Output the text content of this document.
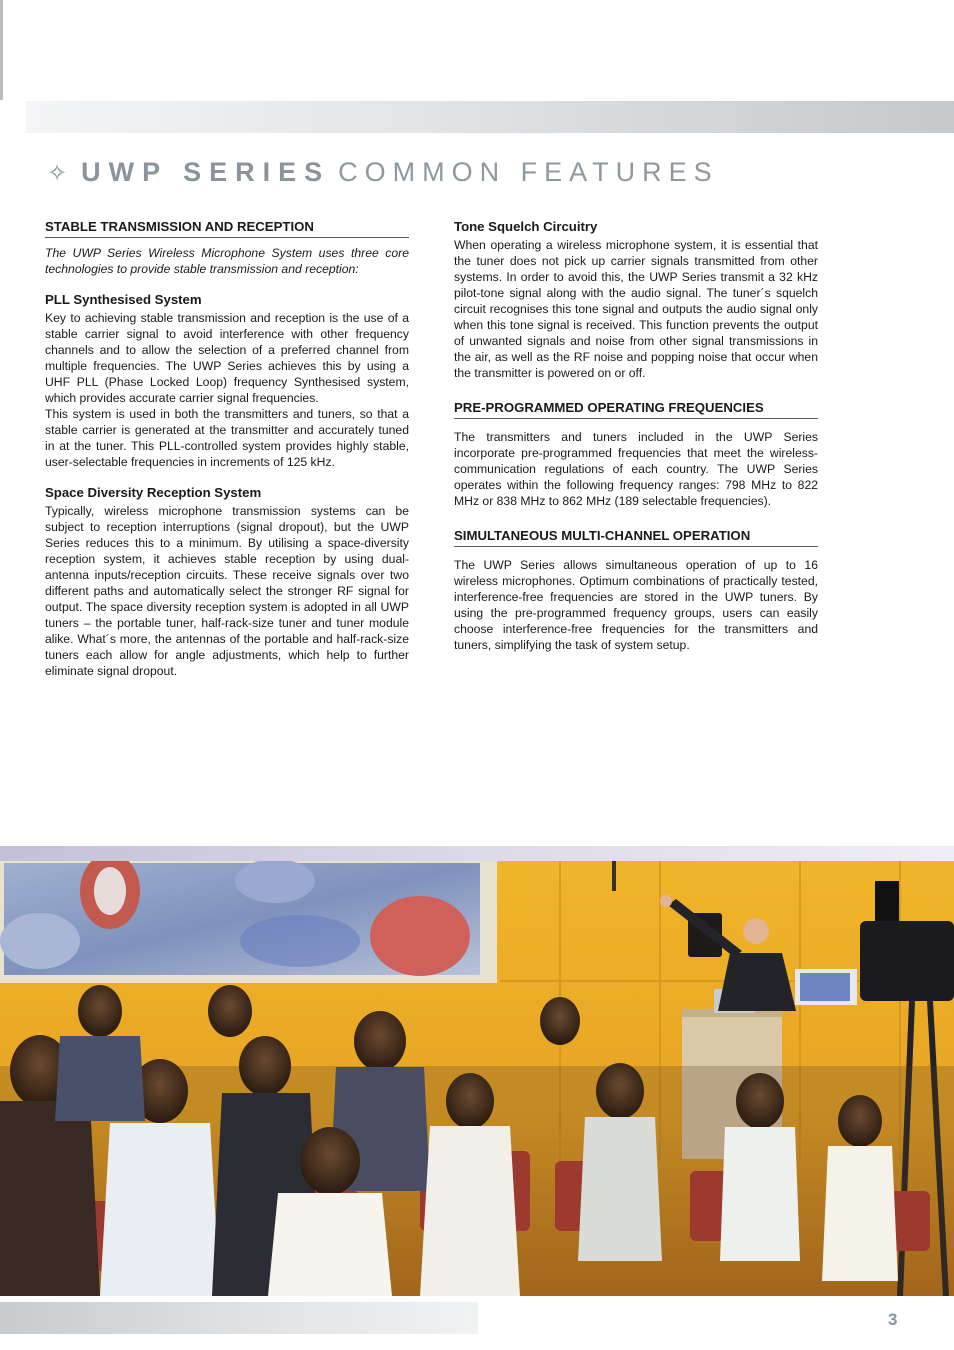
✧ UWP SERIES COMMON FEATURES
STABLE TRANSMISSION AND RECEPTION

The UWP Series Wireless Microphone System uses three core technologies to provide stable transmission and reception:

PLL Synthesised System

Key to achieving stable transmission and reception is the use of a stable carrier signal to avoid interference with other frequency channels and to allow the selection of a preferred channel from multiple frequencies. The UWP Series achieves this by using a UHF PLL (Phase Locked Loop) frequency Synthesised system, which provides accurate carrier signal frequencies.

This system is used in both the transmitters and tuners, so that a stable carrier is generated at the transmitter and accurately tuned in at the tuner. This PLL-controlled system provides highly stable, user-selectable frequencies in increments of 125 kHz.

Space Diversity Reception System

Typically, wireless microphone transmission systems can be subject to reception interruptions (signal dropout), but the UWP Series reduces this to a minimum. By utilising a space-diversity reception system, it achieves stable reception by using dual-antenna inputs/reception circuits. These receive signals over two different paths and automatically select the stronger RF signal for output. The space diversity reception system is adopted in all UWP tuners – the portable tuner, half-rack-size tuner and tuner module alike. What´s more, the antennas of the portable and half-rack-size tuners each allow for angle adjustments, which help to further eliminate signal dropout.

Tone Squelch Circuitry

When operating a wireless microphone system, it is essential that the tuner does not pick up carrier signals transmitted from other systems. In order to avoid this, the UWP Series transmit a 32 kHz pilot-tone signal along with the audio signal. The tuner´s squelch circuit recognises this tone signal and outputs the audio signal only when this tone signal is received. This function prevents the output of unwanted signals and noise from other signal transmissions in the air, as well as the RF noise and popping noise that occur when the transmitter is powered on or off.

PRE-PROGRAMMED OPERATING FREQUENCIES

The transmitters and tuners included in the UWP Series incorporate pre-programmed frequencies that meet the wireless-communication regulations of each country. The UWP Series operates within the following frequency ranges: 798 MHz to 822 MHz or 838 MHz to 862 MHz (189 selectable frequencies).

SIMULTANEOUS MULTI-CHANNEL OPERATION

The UWP Series allows simultaneous operation of up to 16 wireless microphones. Optimum combinations of practically tested, interference-free frequencies are stored in the UWP tuners. By using the pre-programmed frequency groups, users can easily choose interference-free frequencies for the transmitters and tuners, simplifying the task of system setup.

3
